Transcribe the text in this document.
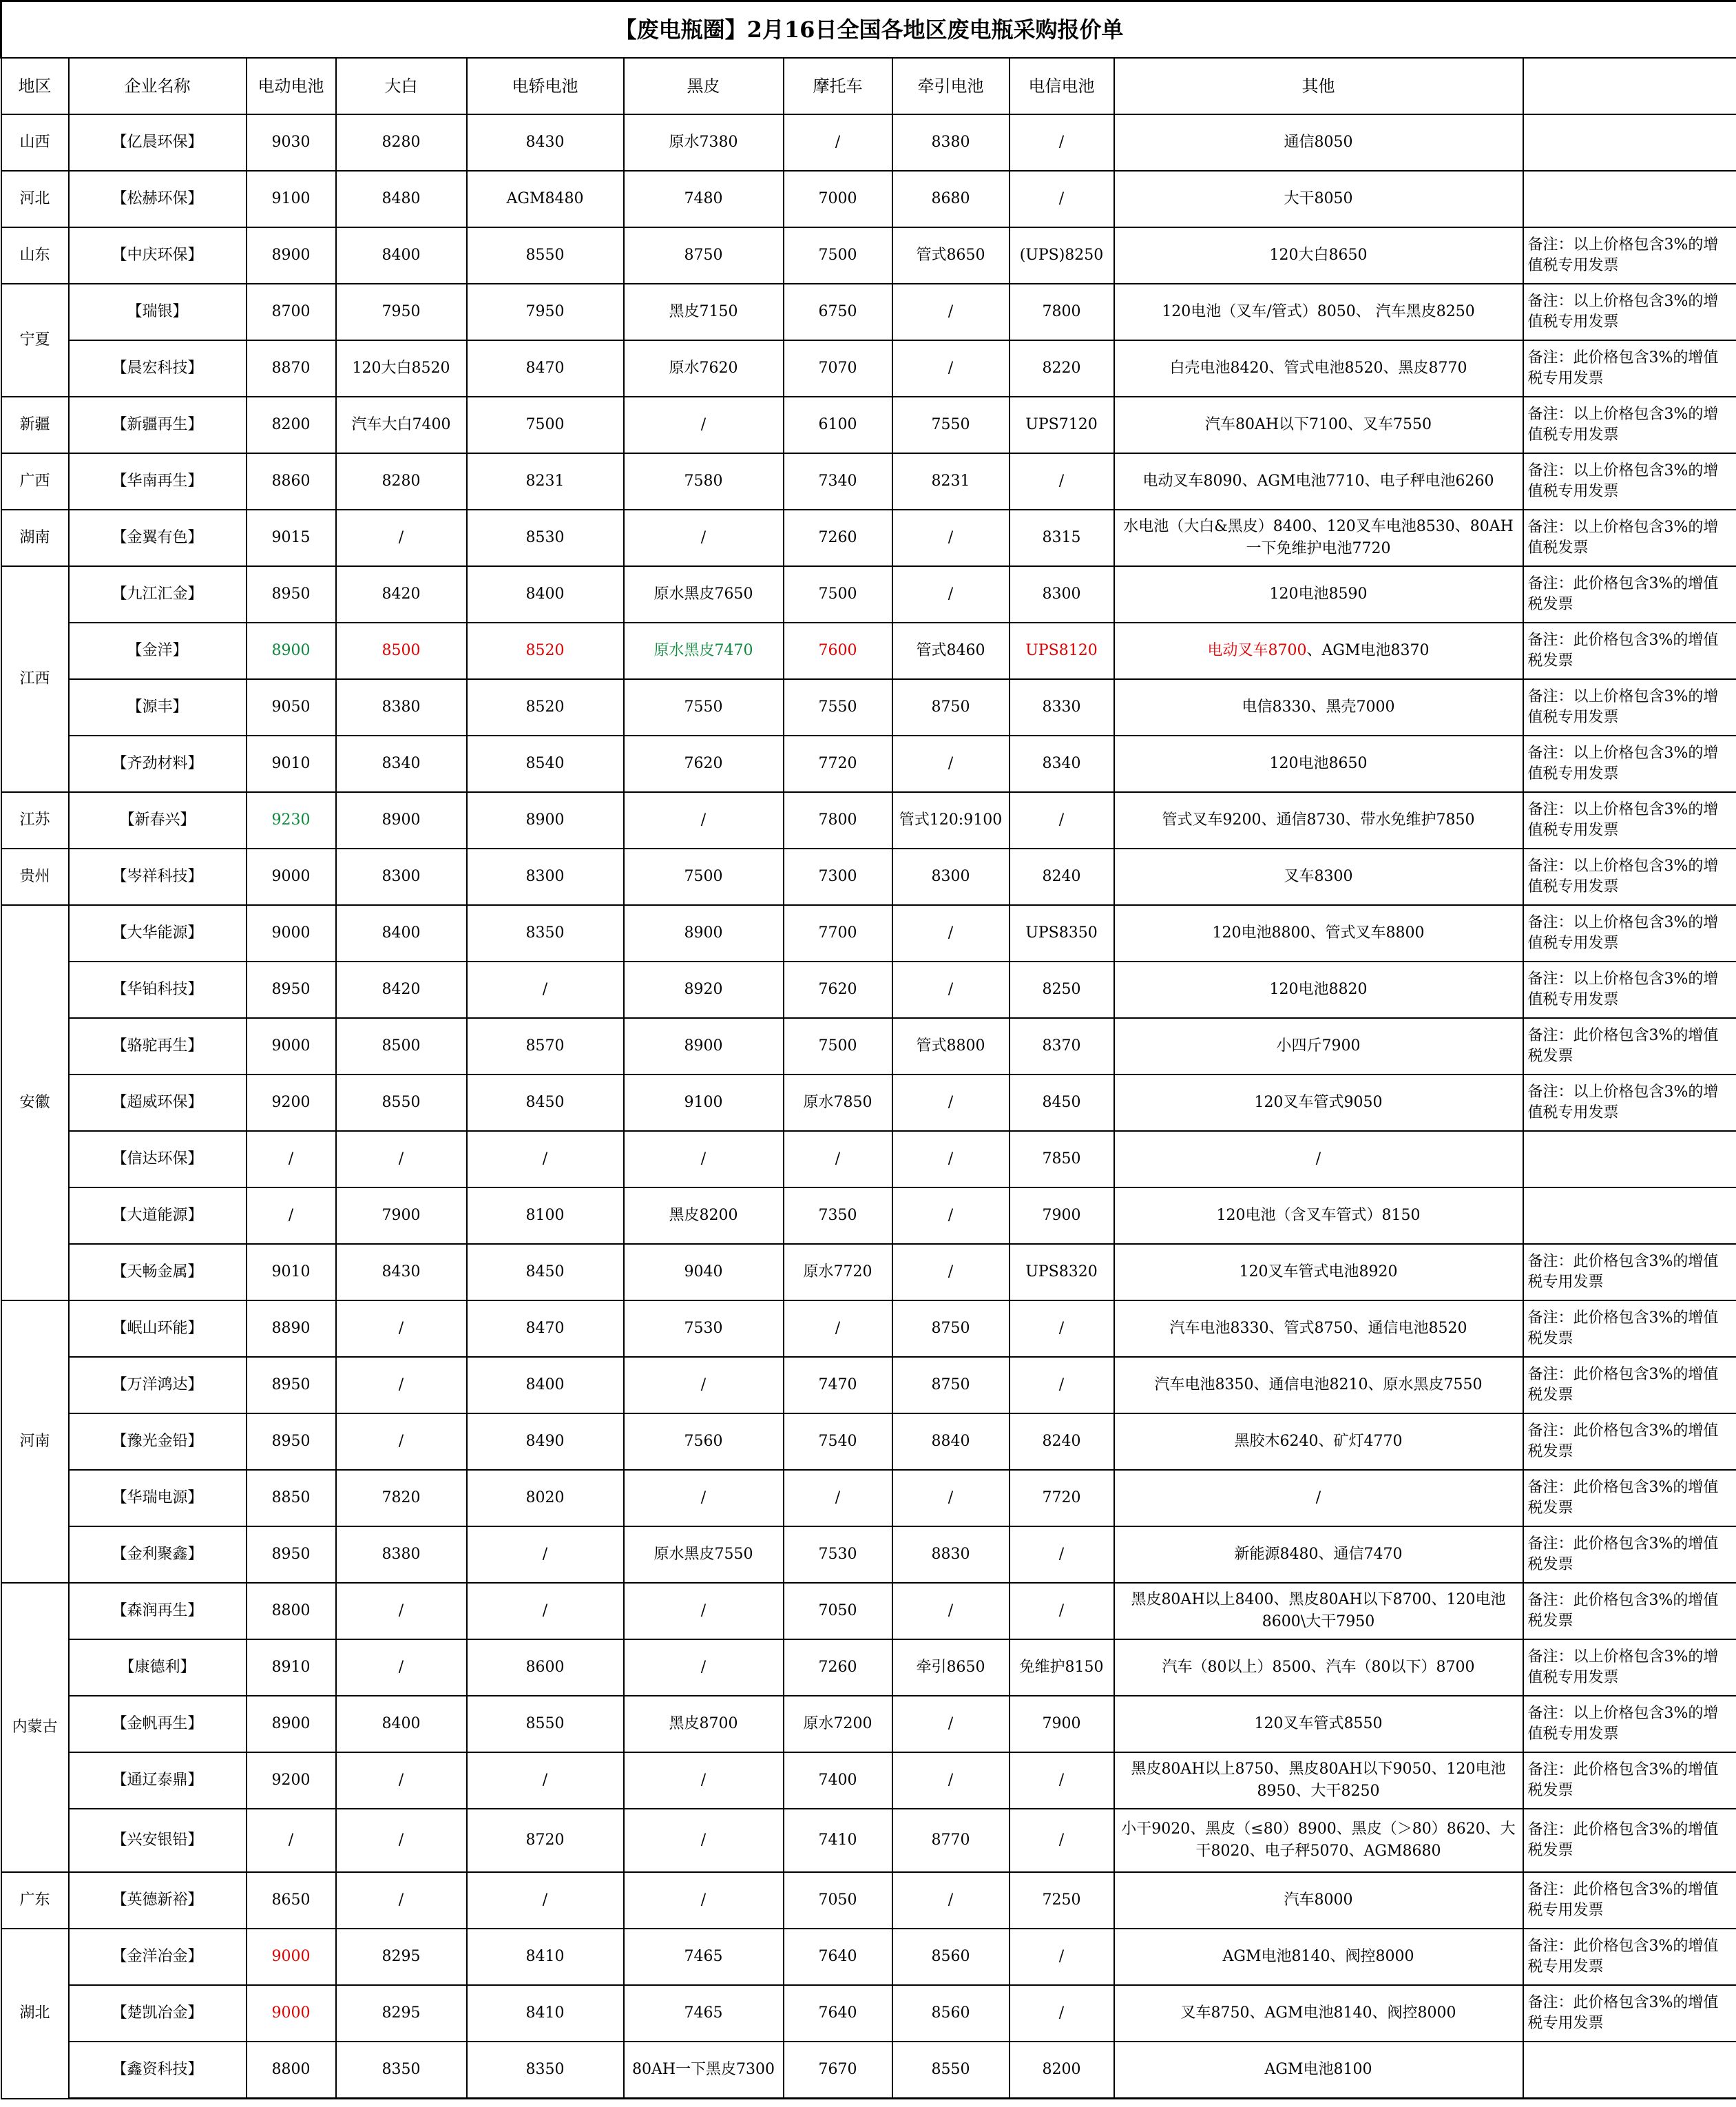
【废电瓶圈】2月16日全国各地区废电瓶采购报价单										
地区	企业名称	电动电池	大白	电轿电池	黑皮	摩托车	牵引电池	电信电池	其他	
山西	【亿晨环保】	9030	8280	8430	原水7380	/	8380	/	通信8050	
河北	【松赫环保】	9100	8480	AGM8480	7480	7000	8680	/	大干8050	
山东	【中庆环保】	8900	8400	8550	8750	7500	管式8650	(UPS)8250	120大白8650	备注：以上价格包含3%的增值税专用发票
宁夏	【瑞银】	8700	7950	7950	黑皮7150	6750	/	7800	120电池（叉车/管式）8050、 汽车黑皮8250	备注：以上价格包含3%的增值税专用发票
	【晨宏科技】	8870	120大白8520	8470	原水7620	7070	/	8220	白壳电池8420、管式电池8520、黑皮8770	备注：此价格包含3%的增值税专用发票
新疆	【新疆再生】	8200	汽车大白7400	7500	/	6100	7550	UPS7120	汽车80AH以下7100、叉车7550	备注：以上价格包含3%的增值税专用发票
广西	【华南再生】	8860	8280	8231	7580	7340	8231	/	电动叉车8090、AGM电池7710、电子秤电池6260	备注：以上价格包含3%的增值税专用发票
湖南	【金翼有色】	9015	/	8530	/	7260	/	8315	水电池（大白&黑皮）8400、120叉车电池8530、80AH一下免维护电池7720	备注：以上价格包含3%的增值税发票
江西	【九江汇金】	8950	8420	8400	原水黑皮7650	7500	/	8300	120电池8590	备注：此价格包含3%的增值税发票
	【金洋】	8900	8500	8520	原水黑皮7470	7600	管式8460	UPS8120	电动叉车8700、AGM电池8370	备注：此价格包含3%的增值税发票
	【源丰】	9050	8380	8520	7550	7550	8750	8330	电信8330、黑壳7000	备注：以上价格包含3%的增值税专用发票
	【齐劲材料】	9010	8340	8540	7620	7720	/	8340	120电池8650	备注：以上价格包含3%的增值税专用发票
江苏	【新春兴】	9230	8900	8900	/	7800	管式120:9100	/	管式叉车9200、通信8730、带水免维护7850	备注：以上价格包含3%的增值税专用发票
贵州	【岑祥科技】	9000	8300	8300	7500	7300	8300	8240	叉车8300	备注：以上价格包含3%的增值税专用发票
安徽	【大华能源】	9000	8400	8350	8900	7700	/	UPS8350	120电池8800、管式叉车8800	备注：以上价格包含3%的增值税专用发票
	【华铂科技】	8950	8420	/	8920	7620	/	8250	120电池8820	备注：以上价格包含3%的增值税专用发票
	【骆驼再生】	9000	8500	8570	8900	7500	管式8800	8370	小四斤7900	备注：此价格包含3%的增值税发票
	【超威环保】	9200	8550	8450	9100	原水7850	/	8450	120叉车管式9050	备注：以上价格包含3%的增值税专用发票
	【信达环保】	/	/	/	/	/	/	7850	/	
	【大道能源】	/	7900	8100	黑皮8200	7350	/	7900	120电池（含叉车管式）8150	
	【天畅金属】	9010	8430	8450	9040	原水7720	/	UPS8320	120叉车管式电池8920	备注：此价格包含3%的增值税专用发票
河南	【岷山环能】	8890	/	8470	7530	/	8750	/	汽车电池8330、管式8750、通信电池8520	备注：此价格包含3%的增值税发票
	【万洋鸿达】	8950	/	8400	/	7470	8750	/	汽车电池8350、通信电池8210、原水黑皮7550	备注：此价格包含3%的增值税发票
	【豫光金铅】	8950	/	8490	7560	7540	8840	8240	黑胶木6240、矿灯4770	备注：此价格包含3%的增值税发票
	【华瑞电源】	8850	7820	8020	/	/	/	7720	/	备注：此价格包含3%的增值税发票
	【金利聚鑫】	8950	8380	/	原水黑皮7550	7530	8830	/	新能源8480、通信7470	备注：此价格包含3%的增值税发票
内蒙古	【森润再生】	8800	/	/	/	7050	/	/	黑皮80AH以上8400、黑皮80AH以下8700、120电池8600\大干7950	备注：此价格包含3%的增值税发票
	【康德利】	8910	/	8600	/	7260	牵引8650	免维护8150	汽车（80以上）8500、汽车（80以下）8700	备注：以上价格包含3%的增值税专用发票
	【金帆再生】	8900	8400	8550	黑皮8700	原水7200	/	7900	120叉车管式8550	备注：以上价格包含3%的增值税专用发票
	【通辽泰鼎】	9200	/	/	/	7400	/	/	黑皮80AH以上8750、黑皮80AH以下9050、120电池8950、大干8250	备注：此价格包含3%的增值税发票
	【兴安银铅】	/	/	8720	/	7410	8770	/	小干9020、黑皮（≤80）8900、黑皮（＞80）8620、大干8020、电子秤5070、AGM8680	备注：此价格包含3%的增值税发票
广东	【英德新裕】	8650	/	/	/	7050	/	7250	汽车8000	备注：此价格包含3%的增值税专用发票
湖北	【金洋冶金】	9000	8295	8410	7465	7640	8560	/	AGM电池8140、阀控8000	备注：此价格包含3%的增值税专用发票
	【楚凯冶金】	9000	8295	8410	7465	7640	8560	/	叉车8750、AGM电池8140、阀控8000	备注：此价格包含3%的增值税专用发票
	【鑫资科技】	8800	8350	8350	80AH一下黑皮7300	7670	8550	8200	AGM电池8100	
